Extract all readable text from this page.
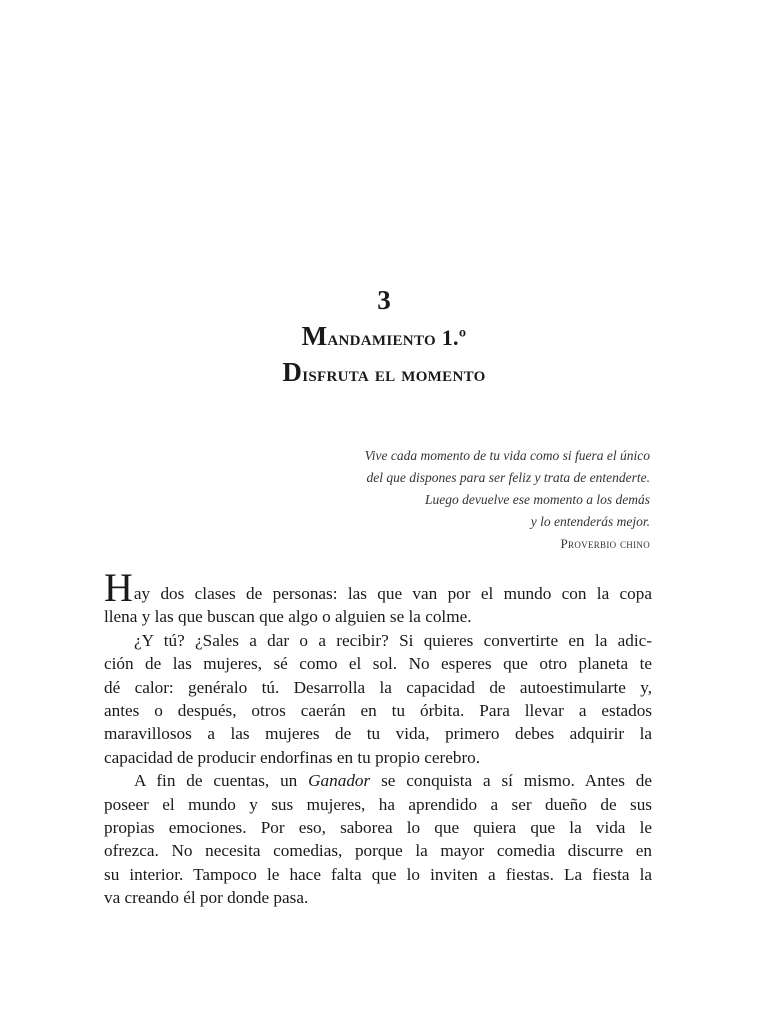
3

Mandamiento 1.º

Disfruta el momento

Vive cada momento de tu vida como si fuera el único
del que dispones para ser feliz y trata de entenderte.
Luego devuelve ese momento a los demás
y lo entenderás mejor.
Proverbio chino

Hay dos clases de personas: las que van por el mundo con la copa
llena y las que buscan que algo o alguien se la colme.

¿Y tú? ¿Sales a dar o a recibir? Si quieres convertirte en la adic-
ción de las mujeres, sé como el sol. No esperes que otro planeta te
dé calor: genéralo tú. Desarrolla la capacidad de autoestimularte y,
antes o después, otros caerán en tu órbita. Para llevar a estados
maravillosos a las mujeres de tu vida, primero debes adquirir la
capacidad de producir endorfinas en tu propio cerebro.

A fin de cuentas, un Ganador se conquista a sí mismo. Antes de
poseer el mundo y sus mujeres, ha aprendido a ser dueño de sus
propias emociones. Por eso, saborea lo que quiera que la vida le
ofrezca. No necesita comedias, porque la mayor comedia discurre en
su interior. Tampoco le hace falta que lo inviten a fiestas. La fiesta la
va creando él por donde pasa.
